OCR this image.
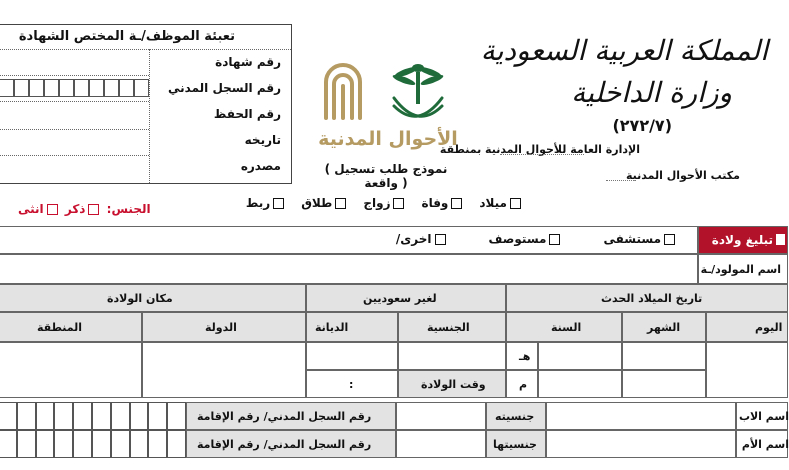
تعبئة الموظف/ـة المختص الشهادة
رقم شهادة
رقم السجل المدني
رقم الحفظ
تاريخه
مصدره
الأحوال المدنية
( نموذج طلب تسجيل واقعة )
المملكة العربية السعودية
وزارة الداخلية
(٢٧٢/٧)
الإدارة العامة للأحوال المدنية بمنطقة
مكتب الأحوال المدنية
ميلاد
وفاة
زواج
طلاق
ربط
الجنس: ذكر انثى
تبليغ ولادة
مستشفى
مستوصف
اخرى/
اسم المولود/ـة
تاريخ الميلاد الحدث
لغير سعوديين
مكان الولادة
اليوم
الشهر
السنة
الجنسية
الديانة
الدولة
المنطقة
هـ
م
وقت الولادة
:
اسم الاب
جنسيته
رقم السجل المدني/ رقم الإقامة
اسم الأم
جنسيتها
رقم السجل المدني/ رقم الإقامة
